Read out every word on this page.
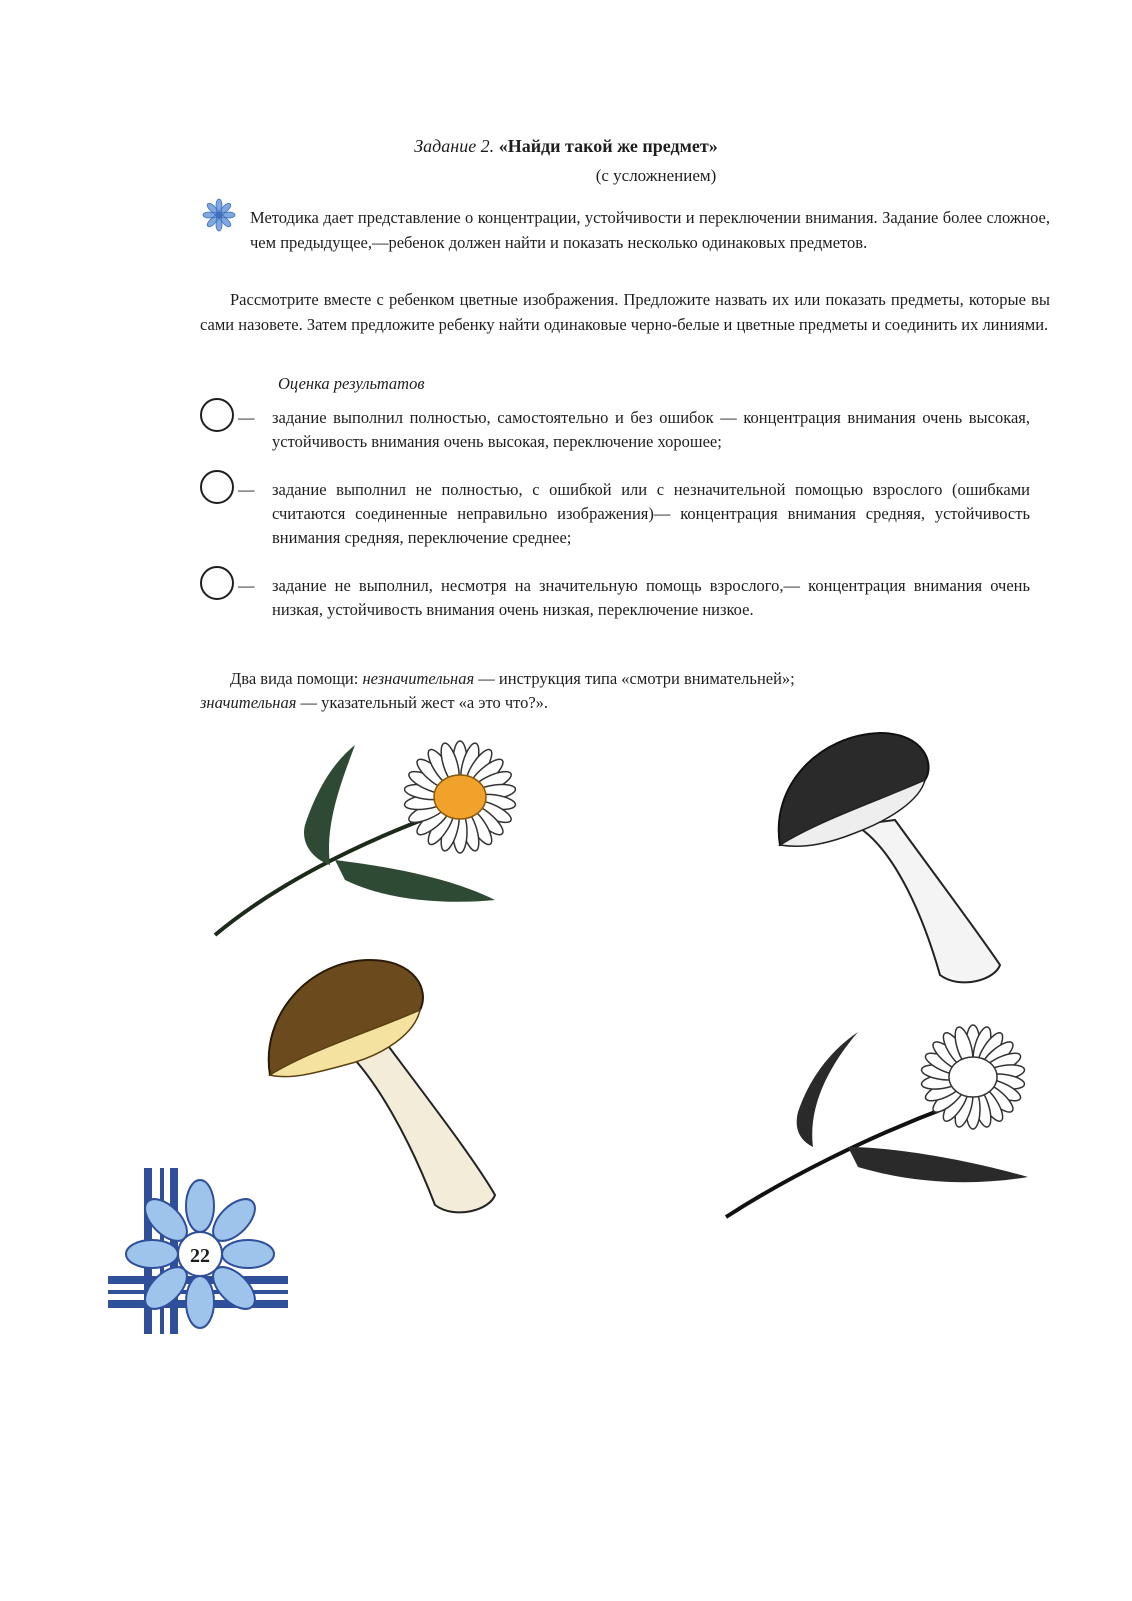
Задание 2. «Найди такой же предмет»
(с усложнением)
Методика дает представление о концентрации, устойчивости и переключении внимания. Задание более сложное, чем предыдущее,—ребенок должен найти и показать несколько одинаковых предметов.
Рассмотрите вместе с ребенком цветные изображения. Предложите назвать их или показать предметы, которые вы сами назовете. Затем предложите ребенку найти одинаковые черно-белые и цветные предметы и соединить их линиями.
Оценка результатов
— задание выполнил полностью, самостоятельно и без ошибок — концентрация внимания очень высокая, устойчивость внимания очень высокая, переключение хорошее;
— задание выполнил не полностью, с ошибкой или с незначительной помощью взрослого (ошибками считаются соединенные неправильно изображения)— концентрация внимания средняя, устойчивость внимания средняя, переключение среднее;
— задание не выполнил, несмотря на значительную помощь взрослого,— концентрация внимания очень низкая, устойчивость внимания очень низкая, переключение низкое.

Два вида помощи: незначительная — инструкция типа «смотри внимательней»;

значительная — указательный жест «а это что?».

22
